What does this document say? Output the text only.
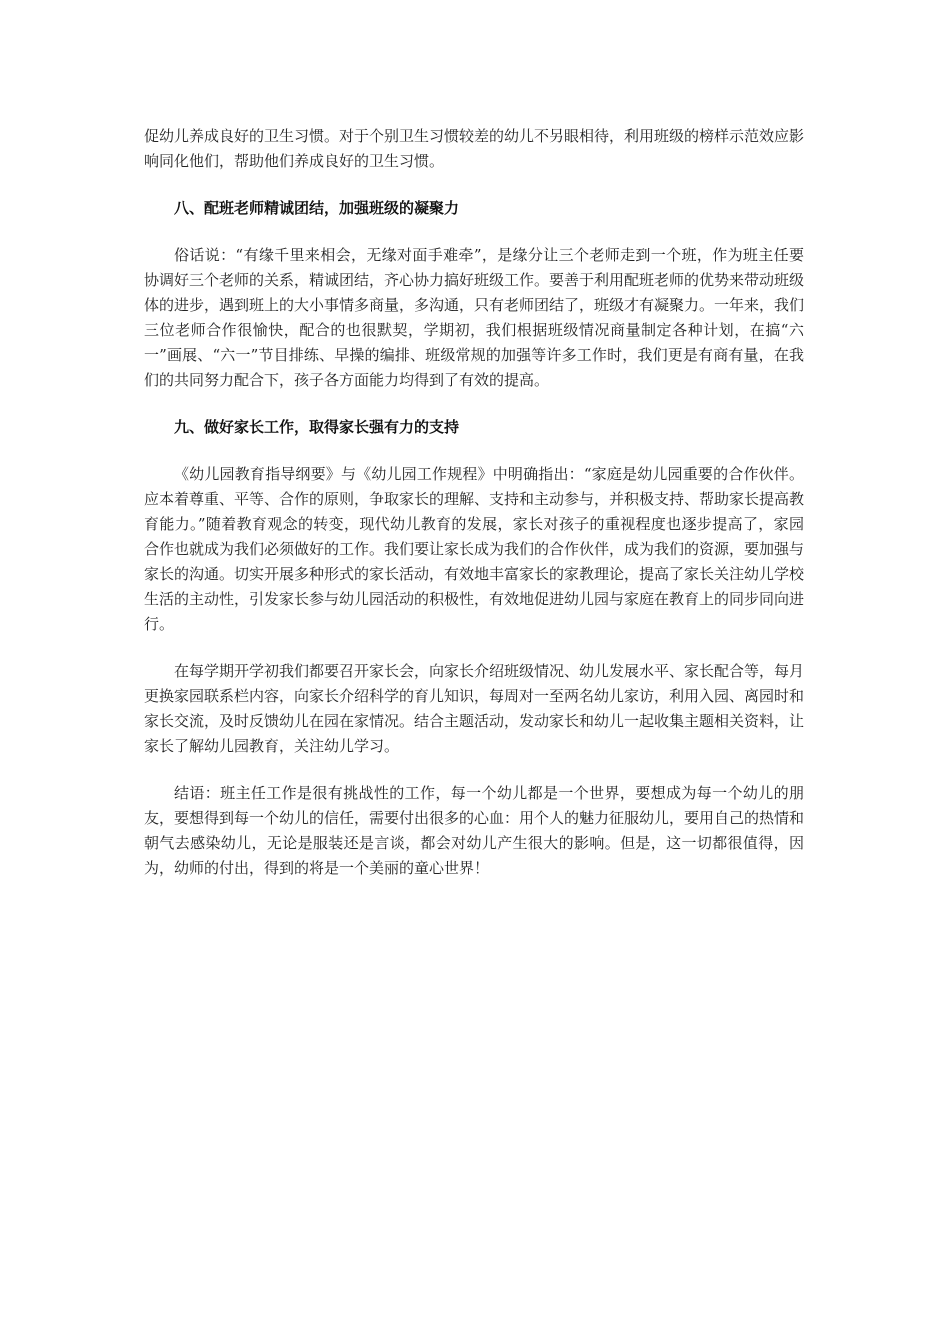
促幼儿养成良好的卫生习惯。对于个别卫生习惯较差的幼儿不另眼相待，利用班级的榜样示范效应影响同化他们，帮助他们养成良好的卫生习惯。

八、配班老师精诚团结，加强班级的凝聚力

俗话说：“有缘千里来相会，无缘对面手难牵”，是缘分让三个老师走到一个班，作为班主任要协调好三个老师的关系，精诚团结，齐心协力搞好班级工作。要善于利用配班老师的优势来带动班级体的进步，遇到班上的大小事情多商量，多沟通，只有老师团结了，班级才有凝聚力。一年来，我们三位老师合作很愉快，配合的也很默契，学期初，我们根据班级情况商量制定各种计划，在搞“六一”画展、“六一”节目排练、早操的编排、班级常规的加强等许多工作时，我们更是有商有量，在我们的共同努力配合下，孩子各方面能力均得到了有效的提高。

九、做好家长工作，取得家长强有力的支持

《幼儿园教育指导纲要》与《幼儿园工作规程》中明确指出：“家庭是幼儿园重要的合作伙伴。应本着尊重、平等、合作的原则，争取家长的理解、支持和主动参与，并积极支持、帮助家长提高教育能力。”随着教育观念的转变，现代幼儿教育的发展，家长对孩子的重视程度也逐步提高了，家园合作也就成为我们必须做好的工作。我们要让家长成为我们的合作伙伴，成为我们的资源，要加强与家长的沟通。切实开展多种形式的家长活动，有效地丰富家长的家教理论，提高了家长关注幼儿学校生活的主动性，引发家长参与幼儿园活动的积极性，有效地促进幼儿园与家庭在教育上的同步同向进行。

在每学期开学初我们都要召开家长会，向家长介绍班级情况、幼儿发展水平、家长配合等，每月更换家园联系栏内容，向家长介绍科学的育儿知识，每周对一至两名幼儿家访，利用入园、离园时和家长交流，及时反馈幼儿在园在家情况。结合主题活动，发动家长和幼儿一起收集主题相关资料，让家长了解幼儿园教育，关注幼儿学习。

结语：班主任工作是很有挑战性的工作，每一个幼儿都是一个世界，要想成为每一个幼儿的朋友，要想得到每一个幼儿的信任，需要付出很多的心血：用个人的魅力征服幼儿，要用自己的热情和朝气去感染幼儿，无论是服装还是言谈，都会对幼儿产生很大的影响。但是，这一切都很值得，因为，幼师的付出，得到的将是一个美丽的童心世界！
